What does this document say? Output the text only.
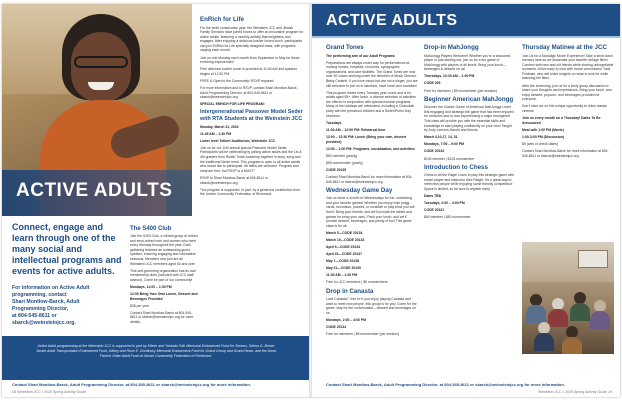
ACTIVE ADULTS
Connect, engage and learn through one of the many social and intellectual programs and events for active adults.
For information on Active Adult
programming, contact
Shari Montlow-Barck, Adult
Programming Director,
at 804-545-8611 or
sbarck@weinsteinjcc.org.
EnRich for Life

For the tenth consecutive year, the Weinstein JCC and Jewish Family Services have joined forces to offer an innovative program for active adults, featuring a monthly activity that enlightens and engages. After enjoying a delicious kosher boxed lunch, participants can join EnRich for Life specialty designed class, with programs varying each month.

Join us one Monday each month from September to May for these enriching experiences!

Free delicious kosher lunch is provided at 11:45 AM and speaker begins at 12:30 PM.

FREE & Open to the Community! RSVP required.

For more information and to RSVP, contact Shari Montlow-Barck, Adult Programming Director, at 804-545-8611 or sbarck@weinsteinjcc.org.

SPECIAL ENRICH FOR LIFE PROGRAM:

Intergenerational Passover Model Seder with RTA Students at the Weinstein JCC

Monday, March 31, 2024

11:45 AM – 1:30 PM

Lower level Tolbert Auditorium, Weinstein JCC

Join us for our 11th annual special Passover Model Seder. Participants will be celebrating by joining active adults and the 1st & 4th graders from Rudlin Torah Academy together in story, song and the traditional Seder meal. This program is open to all active adults who would like to participate. All faiths are welcome. Program and meal are free, but RSVP is a MUST!

RSVP to Shari Montlow-Barck at 545-8611 or sbarck@weinsteinjcc.org.

This program is supported, in part, by a generous contribution from the Jewish Community Federation of Richmond.

The S400 Club

Join the S400 Club, a vibrant group of retired and semi-retired men and women who meet every Monday throughout the year. Each gathering features an outstanding guest speaker, ensuring engaging and informative sessions. Members who join are all Weinstein JCC members aged 60 and over.

This self-governing organization has its own membership dues (included with JCC staff advisor). Come be part of our community!

Mondays, 11:00 – 1:30 PM

12:30 Bring Your Own Lunch, Dessert and Beverages Provided

$35 per year

Contact Shari Montlow-Barck at 804-545-8611 or sbarck@weinsteinjcc.org for more details.

Active Adult programming at the Weinstein JCC is supported in part by Eileen and Yolanda Toth Memorial Endowment Fund for Seniors, Selma G. Brown Senior Adult Transportation Endowment Fund, Gilbey and Rose E. Gordinsky Memorial Endowment Fund for Grand Group and Grand News, and the Anna Fischer Older Adult Fund of Jewish Community Federation of Richmond.

Contact Shari Montlow-Barck, Adult Programming Director, at 804-545-8611 or sbarck@weinsteinjcc.org for more information.
18 Weinstein JCC • 2025 Spring Activity Guide
ACTIVE ADULTS
Grand Tones

The performing arm of our Adult Programs

Preparations are always under way for performances at nursing homes, hospitals, churches, synagogues, organizations, and care facilities. The Grand Tones are now over 30 voices working under the direction of Music Director, Betsy Cederle. If you love music but are not a singer, you are still welcome to join us in fabulous, have lunch and socialize!

This program meets every Tuesday year round and is for adults aged 55+. After lunch, a diverse selection of activities are offered in conjunction with special musical programs. Many of the holidays are celebrated, including a Chanukah party with the preschool children and a Seder/Purim Day luncheon.

Tuesdays

11:00 AM – 12:00 PM: Rehearsal time

12:00 – 12:30 PM: Lunch (Bring your own, dessert provided)

12:30 – 1:00 PM: Programs, socialization, and activities

$50 member (yearly)

$55 nonmember (yearly)

CODE 20135

Contact Shari Montlow-Barck for more information at 804-545-8611 or sbarck@weinsteinjcc.org.

Wednesday Game Day

Join us twice a month on Wednesdays for fun, socializing, and your favorite games! Whether you enjoy mah jongg, cards, rummikub, puzzles, or scrabble or play trivia you will find it. Bring your friends, and we'll provide the tables and games for bring your own). Pack your lunch, and we'll provide dessert, beverages, and plenty of fun! This game class is for all.

March 5—CODE 20134

March 19—CODE 20133

April 9—CODE 20134

April 23—CODE 20137

May 7—CODE 20138

May 21—CODE 20139

11:30 AM – 1:30 PM

Free for JCC members | $5 nonmembers

Drop in Canasta

Love Canasta? Join in! If you enjoy playing Canasta and want to meet new people, this group is for you! Come for the game, stay for the conversation—dessert and beverages on us.

Mondays, 2:00 – 4:00 PM

CODE 20134

Free for members | $5 nonmember (per session)

Drop-in MahJongg

MahJongg Players Welcome! Whether you're a seasoned player or just starting out, join us for a fun game of MahJongg with players of all levels. Bring your lunch—beverages & dessert on us!

Thursdays, 10:30 AM – 1:00 PM

CODE 205

Free for members | $5 nonmember (per session)

Beginner American MahJongg

Discover the Classic Game of American MahJongg! Learn this engaging and strategic tile game that has been enjoyed for centuries and is now experiencing a major resurgence. This class will provide you with the essential skills and knowledge to start playing confidently on your own! Taught by Judy Lemons-Harold and friends.

March 3,10,17, 24, 31

Mondays, 7:00 – 9:00 PM

CODE 20144

$100 member | $125 nonmember

Introduction to Chess

Chess is All the Rage! Learn to play this strategic game with expert player and instructor Alex Riegel. It's a great way to meet new people while enjoying some friendly competition! Space is limited, so be sure to register early.

Dates TBD

Tuesdays, 2:00 – 4:00 PM

CODE 20131

$60 member | $80 nonmember

Thursday Matinee at the JCC

Join Us for a Nostalgic Movie Experience! Take a stroll down memory lane as we showcase your favorite vintage films! Connect with new and old friends while sharing unforgettable moments. Arrive early to chat with movie connoisseur Todd Feldman, who will share insights on what to look for while watching the films.

After the screening, join us for a lively group discussion to share your thoughts and impressions. Bring your lunch, and enjoy dessert, popcorn, and beverages provided for everyone.

Don't miss out on this unique opportunity to relive classic cinema!

Join us every month on a Thursday! Dates To Be Announced

Meal with 1:00 PM (Movie)

1:00-3:00 PM (Discussion)

$5 (with or check dates)

Contact Shari Montlow-Barck for more information at 804-545-8611 or sbarck@weinsteinjcc.org.

Contact Shari Montlow-Barck, Adult Programming Director, at 804-545-8611 or sbarck@weinsteinjcc.org for more information.
Weinstein JCC • 2025 Spring Activity Guide 19
